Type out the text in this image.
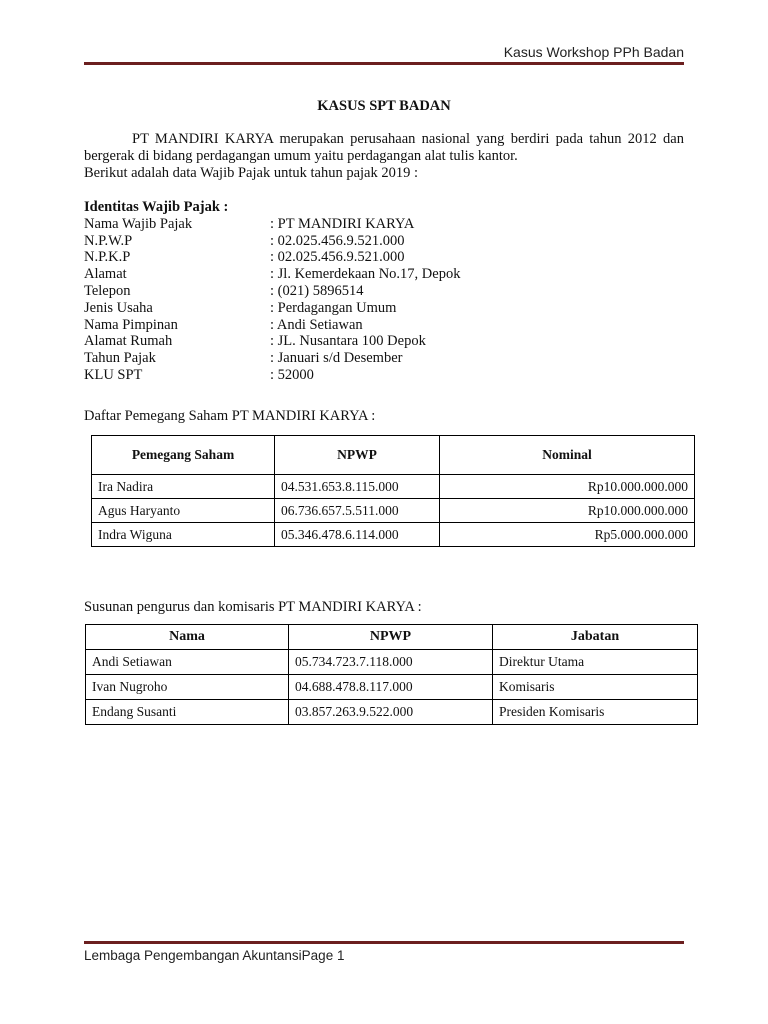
Kasus Workshop PPh Badan
KASUS SPT BADAN

PT MANDIRI KARYA merupakan perusahaan nasional yang berdiri pada tahun 2012 dan bergerak di bidang perdagangan umum yaitu perdagangan alat tulis kantor.

Berikut adalah data Wajib Pajak untuk tahun pajak 2019 :

Identitas Wajib Pajak :
Nama Wajib Pajak	: PT MANDIRI KARYA
N.P.W.P	: 02.025.456.9.521.000
N.P.K.P	: 02.025.456.9.521.000
Alamat	: Jl. Kemerdekaan No.17, Depok
Telepon	: (021) 5896514
Jenis Usaha	: Perdagangan Umum
Nama Pimpinan	: Andi Setiawan
Alamat Rumah	: JL. Nusantara 100 Depok
Tahun Pajak	: Januari s/d Desember
KLU SPT	: 52000
Daftar Pemegang Saham PT MANDIRI KARYA :
Pemegang Saham	NPWP	Nominal
Ira Nadira	04.531.653.8.115.000	Rp10.000.000.000
Agus Haryanto	06.736.657.5.511.000	Rp10.000.000.000
Indra Wiguna	05.346.478.6.114.000	Rp5.000.000.000
Susunan pengurus dan komisaris PT MANDIRI KARYA :
Nama	NPWP	Jabatan
Andi Setiawan	05.734.723.7.118.000	Direktur Utama
Ivan Nugroho	04.688.478.8.117.000	Komisaris
Endang Susanti	03.857.263.9.522.000	Presiden Komisaris
Lembaga Pengembangan AkuntansiPage 1
